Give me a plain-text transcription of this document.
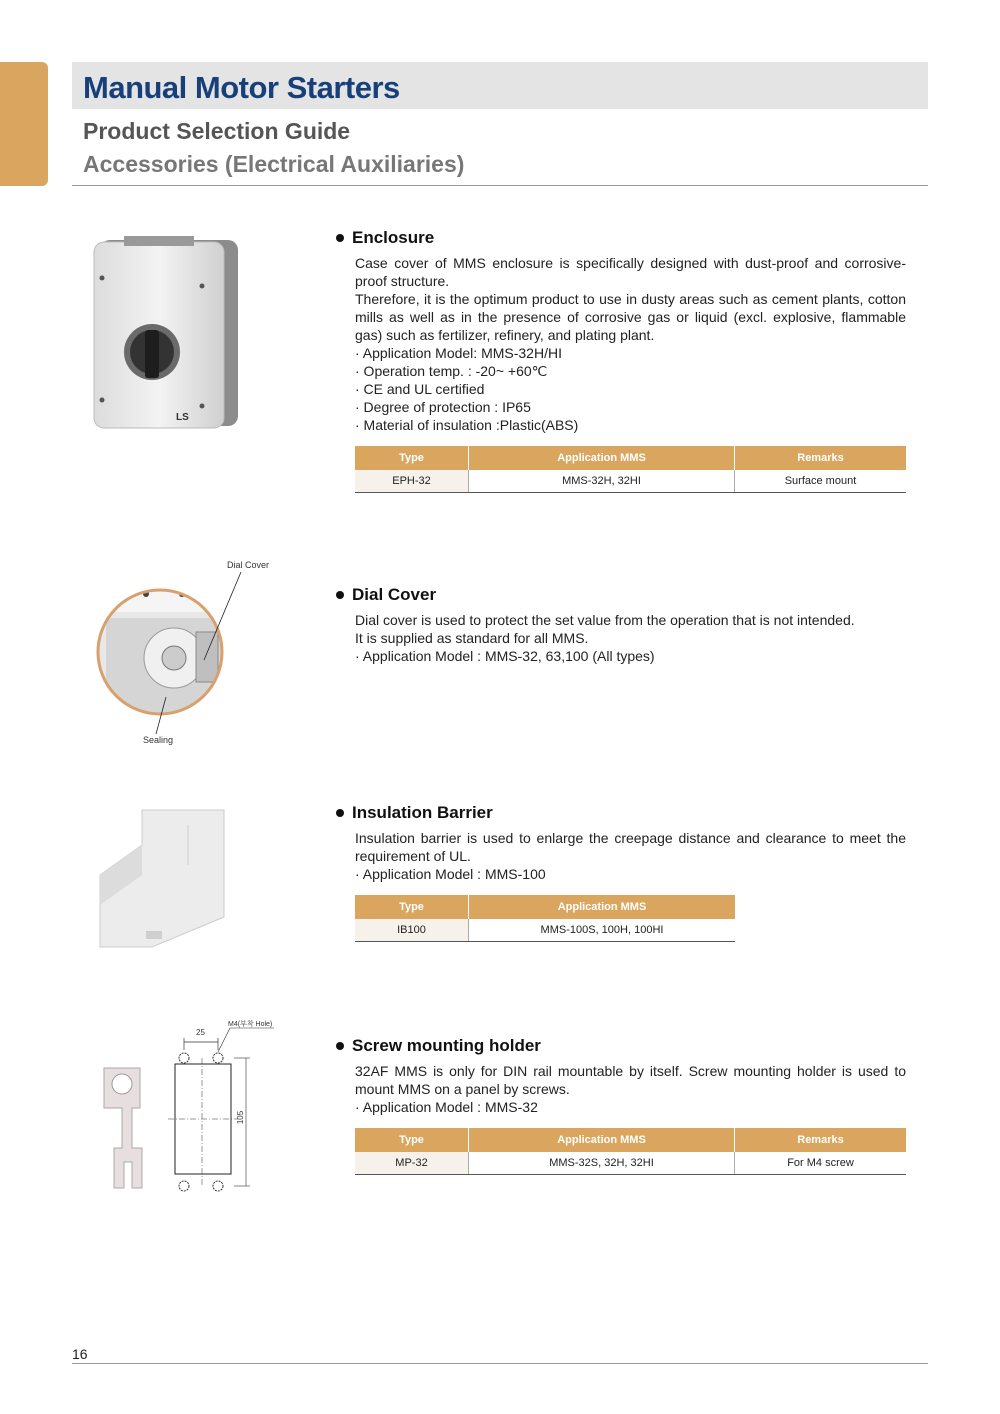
Manual Motor Starters
Product Selection Guide
Accessories (Electrical Auxiliaries)
LS
Enclosure

Case cover of MMS enclosure is specifically designed with dust-proof and corrosive-proof structure.

Therefore, it is the optimum product to use in dusty areas such as cement plants, cotton mills as well as in the presence of corrosive gas or liquid (excl. explosive, flammable gas) such as fertilizer, refinery, and plating plant.

· Application Model: MMS-32H/HI
· Operation temp. : -20~ +60℃
· CE and UL certified
· Degree of protection : IP65
· Material of insulation :Plastic(ABS)
Type	Application MMS	Remarks
EPH-32	MMS-32H, 32HI	Surface mount
Dial Cover
Sealing
Dial Cover

Dial cover is used to protect the set value from the operation that is not intended.

It is supplied as standard for all MMS.

· Application Model : MMS-32, 63,100 (All types)
Insulation Barrier

Insulation barrier is used to enlarge the creepage distance and clearance to meet the requirement of UL.

· Application Model : MMS-100
Type	Application MMS
IB100	MMS-100S, 100H, 100HI
25
M4(부착 Hole)
105
Screw mounting holder

32AF MMS is only for DIN rail mountable by itself. Screw mounting holder is used to mount MMS on a panel by screws.

· Application Model : MMS-32
Type	Application MMS	Remarks
MP-32	MMS-32S, 32H, 32HI	For M4 screw
16
